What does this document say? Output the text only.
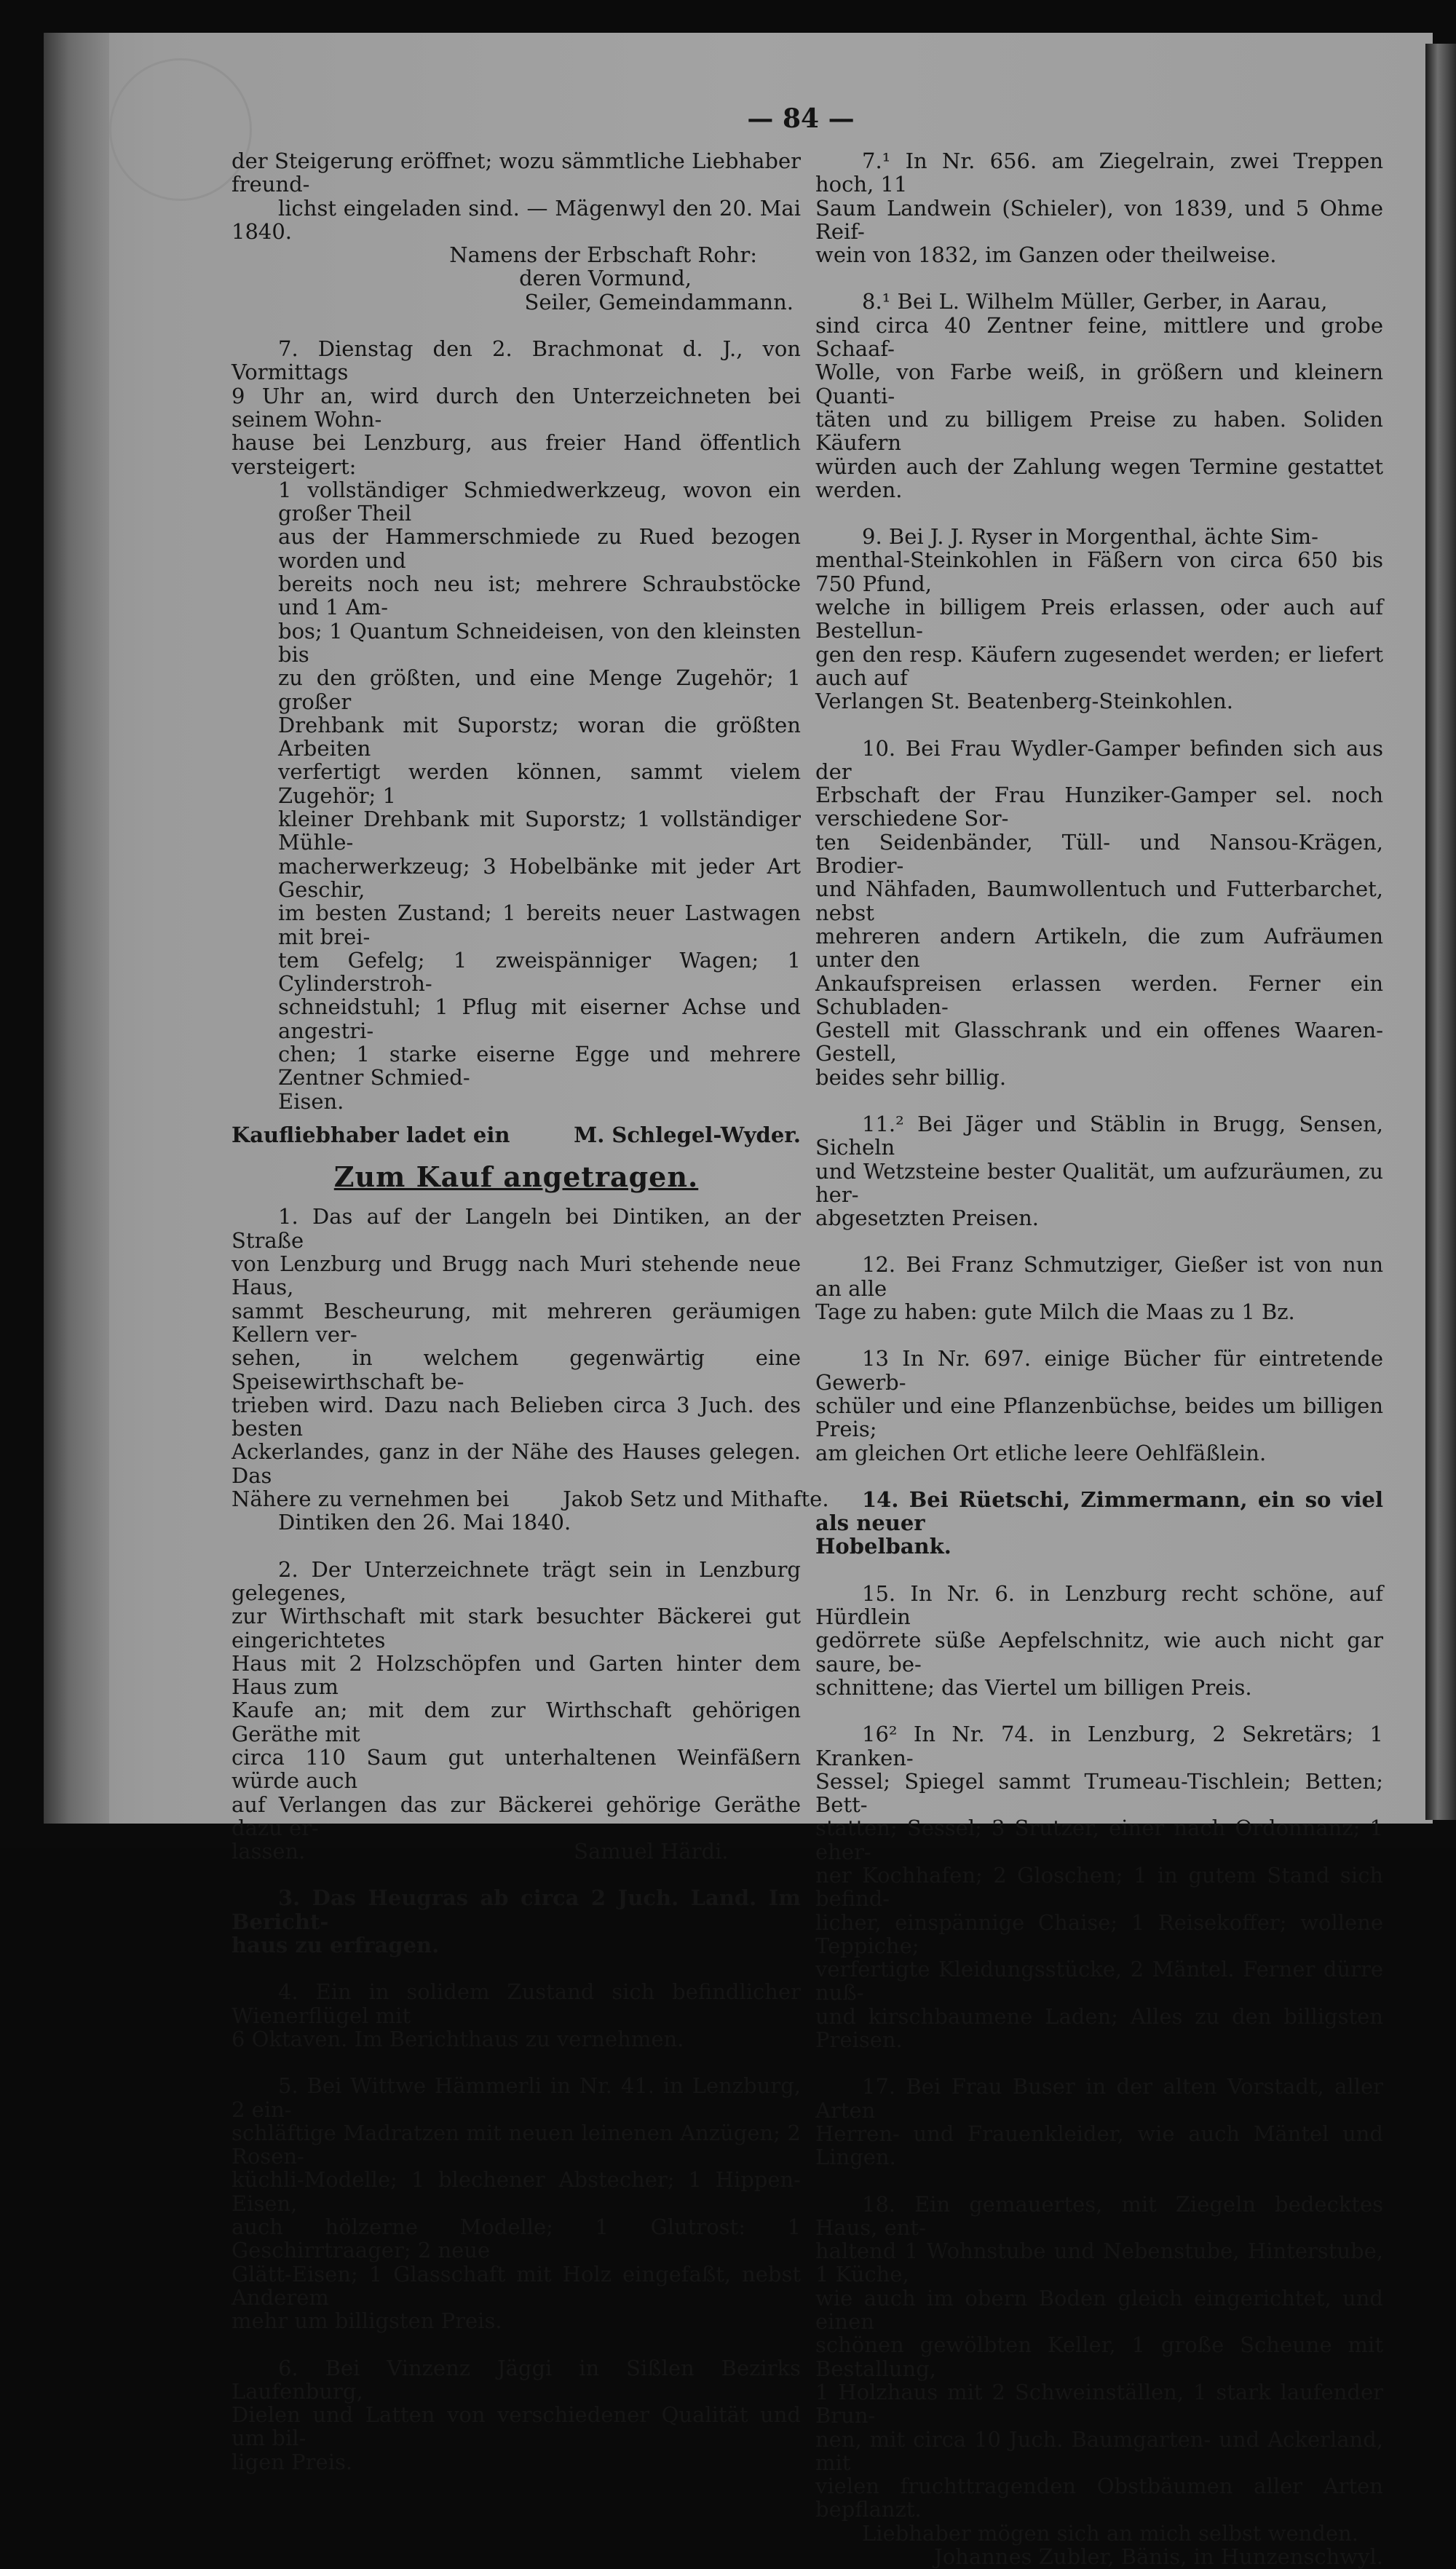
— 84 —

der Steigerung eröffnet; wozu sämmtliche Liebhaber freund-

lichst eingeladen sind. — Mägenwyl den 20. Mai 1840.

Namens der Erbschaft Rohr:

deren Vormund,

Seiler, Gemeindammann.

7. Dienstag den 2. Brachmonat d. J., von Vormittags

9 Uhr an, wird durch den Unterzeichneten bei seinem Wohn-

hause bei Lenzburg, aus freier Hand öffentlich versteigert:

1 vollständiger Schmiedwerkzeug, wovon ein großer Theil

aus der Hammerschmiede zu Rued bezogen worden und

bereits noch neu ist; mehrere Schraubstöcke und 1 Am-

bos; 1 Quantum Schneideisen, von den kleinsten bis

zu den größten, und eine Menge Zugehör; 1 großer

Drehbank mit Suporstz; woran die größten Arbeiten

verfertigt werden können, sammt vielem Zugehör; 1

kleiner Drehbank mit Suporstz; 1 vollständiger Mühle-

macherwerkzeug; 3 Hobelbänke mit jeder Art Geschir,

im besten Zustand; 1 bereits neuer Lastwagen mit brei-

tem Gefelg; 1 zweispänniger Wagen; 1 Cylinderstroh-

schneidstuhl; 1 Pflug mit eiserner Achse und angestri-

chen; 1 starke eiserne Egge und mehrere Zentner Schmied-

Eisen.

Kaufliebhaber ladet ein	M. Schlegel-Wyder.
Zum Kauf angetragen.

1. Das auf der Langeln bei Dintiken, an der Straße

von Lenzburg und Brugg nach Muri stehende neue Haus,

sammt Bescheurung, mit mehreren geräumigen Kellern ver-

sehen, in welchem gegenwärtig eine Speisewirthschaft be-

trieben wird. Dazu nach Belieben circa 3 Juch. des besten

Ackerlandes, ganz in der Nähe des Hauses gelegen. Das

Nähere zu vernehmen bei        Jakob Setz und Mithafte.

Dintiken den 26. Mai 1840.

2. Der Unterzeichnete trägt sein in Lenzburg gelegenes,

zur Wirthschaft mit stark besuchter Bäckerei gut eingerichtetes

Haus mit 2 Holzschöpfen und Garten hinter dem Haus zum

Kaufe an; mit dem zur Wirthschaft gehörigen Geräthe mit

circa 110 Saum gut unterhaltenen Weinfäßern würde auch

auf Verlangen das zur Bäckerei gehörige Geräthe dazu er-

lassen.                                        Samuel Härdi.

3. Das Heugras ab circa 2 Juch. Land. Im Bericht-

haus zu erfragen.

4. Ein in solidem Zustand sich befindlicher Wienerflügel mit

6 Oktaven. Im Berichthaus zu vernehmen.

5. Bei Wittwe Hämmerli in Nr. 41. in Lenzburg, 2 ein-

schläftige Madratzen mit neuen leinenen Anzügen; 2 Rosen-

küchli-Modelle; 1 blechener Abstecher; 1 Hippen-Eisen,

auch hölzerne Modelle; 1 Glutrost: 1 Geschirrtraager; 2 neue

Glätt-Eisen; 1 Glasschaft mit Holz eingefaßt, nebst Anderem

mehr um billigsten Preis.

6. Bei Vinzenz Jäggi in Sißlen Bezirks Laufenburg,

Dielen und Latten von verschiedener Qualität und um bil-

ligen Preis.

7.¹ In Nr. 656. am Ziegelrain, zwei Treppen hoch, 11

Saum Landwein (Schieler), von 1839, und 5 Ohme Reif-

wein von 1832, im Ganzen oder theilweise.

8.¹ Bei L. Wilhelm Müller, Gerber, in Aarau,

sind circa 40 Zentner feine, mittlere und grobe Schaaf-

Wolle, von Farbe weiß, in größern und kleinern Quanti-

täten und zu billigem Preise zu haben. Soliden Käufern

würden auch der Zahlung wegen Termine gestattet werden.

9. Bei J. J. Ryser in Morgenthal, ächte Sim-

menthal-Steinkohlen in Fäßern von circa 650 bis 750 Pfund,

welche in billigem Preis erlassen, oder auch auf Bestellun-

gen den resp. Käufern zugesendet werden; er liefert auch auf

Verlangen St. Beatenberg-Steinkohlen.

10. Bei Frau Wydler-Gamper befinden sich aus der

Erbschaft der Frau Hunziker-Gamper sel. noch verschiedene Sor-

ten Seidenbänder, Tüll- und Nansou-Krägen, Brodier-

und Nähfaden, Baumwollentuch und Futterbarchet, nebst

mehreren andern Artikeln, die zum Aufräumen unter den

Ankaufspreisen erlassen werden. Ferner ein Schubladen-

Gestell mit Glasschrank und ein offenes Waaren-Gestell,

beides sehr billig.

11.² Bei Jäger und Stäblin in Brugg, Sensen, Sicheln

und Wetzsteine bester Qualität, um aufzuräumen, zu her-

abgesetzten Preisen.

12. Bei Franz Schmutziger, Gießer ist von nun an alle

Tage zu haben: gute Milch die Maas zu 1 Bz.

13 In Nr. 697. einige Bücher für eintretende Gewerb-

schüler und eine Pflanzenbüchse, beides um billigen Preis;

am gleichen Ort etliche leere Oehlfäßlein.

14. Bei Rüetschi, Zimmermann, ein so viel als neuer

Hobelbank.

15. In Nr. 6. in Lenzburg recht schöne, auf Hürdlein

gedörrete süße Aepfelschnitz, wie auch nicht gar saure, be-

schnittene; das Viertel um billigen Preis.

16² In Nr. 74. in Lenzburg, 2 Sekretärs; 1 Kranken-

Sessel; Spiegel sammt Trumeau-Tischlein; Betten; Bett-

statten; Sessel; 3 Srutzer, einer nach Ordonnanz; 1 eher-

ner Kochhafen; 2 Gloschen; 1 in gutem Stand sich befind-

licher, einspännige Chaise; 1 Reisekoffer; wollene Teppiche;

verfertigte Kleidungsstücke, 2 Mäntel. Ferner dürre nuß-

und kirschbaumene Laden; Alles zu den billigsten Preisen.

17. Bei Frau Buser in der alten Vorstadt, aller Arten

Herren- und Frauenkleider, wie auch Mäntel und Lingen.

18. Ein gemauertes, mit Ziegeln bedecktes Haus, ent-

haltend 1 Wohnstube und Nebenstube, Hinterstube, 1 Küche,

wie auch im obern Boden gleich eingerichtet, und einen

schönen gewölbten Keller, 1 große Scheune mit Bestallung,

1 Holzhaus mit 2 Schweinställen, 1 stark laufender Brun-

nen, mit circa 10 Juch. Baumgarten- und Ackerland, mit

vielen fruchttragenden Obstbäumen aller Arten bepflanzt.

Liebhaber mögen sich an mich selbst wenden.

Johannes Zubler, Bänis, in Hunzenschwyl.
